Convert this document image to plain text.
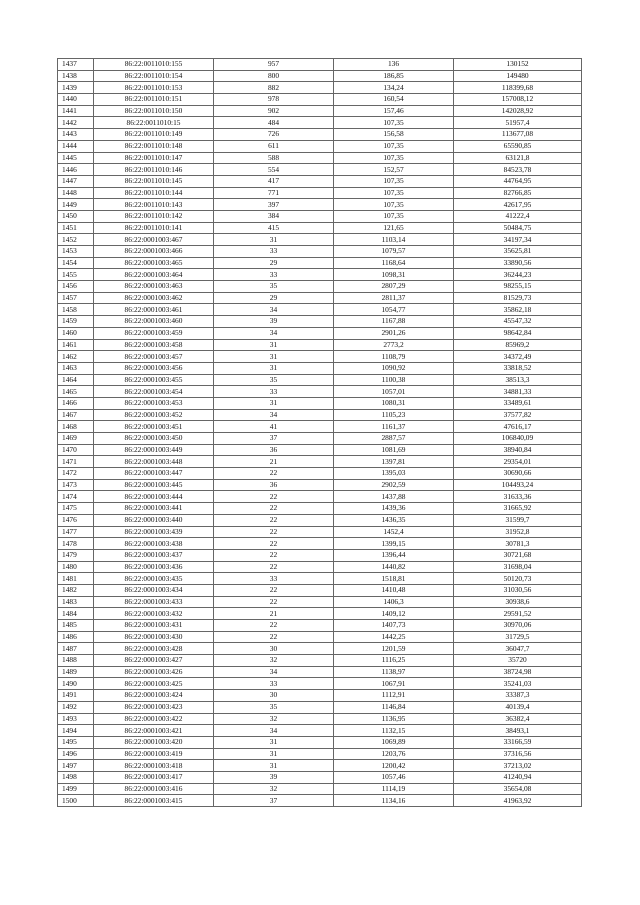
1437	86:22:0011010:155	957	136	130152
1438	86:22:0011010:154	800	186,85	149480
1439	86:22:0011010:153	882	134,24	118399,68
1440	86:22:0011010:151	978	160,54	157008,12
1441	86:22:0011010:150	902	157,46	142028,92
1442	86:22:0011010:15	484	107,35	51957,4
1443	86:22:0011010:149	726	156,58	113677,08
1444	86:22:0011010:148	611	107,35	65590,85
1445	86:22:0011010:147	588	107,35	63121,8
1446	86:22:0011010:146	554	152,57	84523,78
1447	86:22:0011010:145	417	107,35	44764,95
1448	86:22:0011010:144	771	107,35	82766,85
1449	86:22:0011010:143	397	107,35	42617,95
1450	86:22:0011010:142	384	107,35	41222,4
1451	86:22:0011010:141	415	121,65	50484,75
1452	86:22:0001003:467	31	1103,14	34197,34
1453	86:22:0001003:466	33	1079,57	35625,81
1454	86:22:0001003:465	29	1168,64	33890,56
1455	86:22:0001003:464	33	1098,31	36244,23
1456	86:22:0001003:463	35	2807,29	98255,15
1457	86:22:0001003:462	29	2811,37	81529,73
1458	86:22:0001003:461	34	1054,77	35862,18
1459	86:22:0001003:460	39	1167,88	45547,32
1460	86:22:0001003:459	34	2901,26	98642,84
1461	86:22:0001003:458	31	2773,2	85969,2
1462	86:22:0001003:457	31	1108,79	34372,49
1463	86:22:0001003:456	31	1090,92	33818,52
1464	86:22:0001003:455	35	1100,38	38513,3
1465	86:22:0001003:454	33	1057,01	34881,33
1466	86:22:0001003:453	31	1080,31	33489,61
1467	86:22:0001003:452	34	1105,23	37577,82
1468	86:22:0001003:451	41	1161,37	47616,17
1469	86:22:0001003:450	37	2887,57	106840,09
1470	86:22:0001003:449	36	1081,69	38940,84
1471	86:22:0001003:448	21	1397,81	29354,01
1472	86:22:0001003:447	22	1395,03	30690,66
1473	86:22:0001003:445	36	2902,59	104493,24
1474	86:22:0001003:444	22	1437,88	31633,36
1475	86:22:0001003:441	22	1439,36	31665,92
1476	86:22:0001003:440	22	1436,35	31599,7
1477	86:22:0001003:439	22	1452,4	31952,8
1478	86:22:0001003:438	22	1399,15	30781,3
1479	86:22:0001003:437	22	1396,44	30721,68
1480	86:22:0001003:436	22	1440,82	31698,04
1481	86:22:0001003:435	33	1518,81	50120,73
1482	86:22:0001003:434	22	1410,48	31030,56
1483	86:22:0001003:433	22	1406,3	30938,6
1484	86:22:0001003:432	21	1409,12	29591,52
1485	86:22:0001003:431	22	1407,73	30970,06
1486	86:22:0001003:430	22	1442,25	31729,5
1487	86:22:0001003:428	30	1201,59	36047,7
1488	86:22:0001003:427	32	1116,25	35720
1489	86:22:0001003:426	34	1138,97	38724,98
1490	86:22:0001003:425	33	1067,91	35241,03
1491	86:22:0001003:424	30	1112,91	33387,3
1492	86:22:0001003:423	35	1146,84	40139,4
1493	86:22:0001003:422	32	1136,95	36382,4
1494	86:22:0001003:421	34	1132,15	38493,1
1495	86:22:0001003:420	31	1069,89	33166,59
1496	86:22:0001003:419	31	1203,76	37316,56
1497	86:22:0001003:418	31	1200,42	37213,02
1498	86:22:0001003:417	39	1057,46	41240,94
1499	86:22:0001003:416	32	1114,19	35654,08
1500	86:22:0001003:415	37	1134,16	41963,92
